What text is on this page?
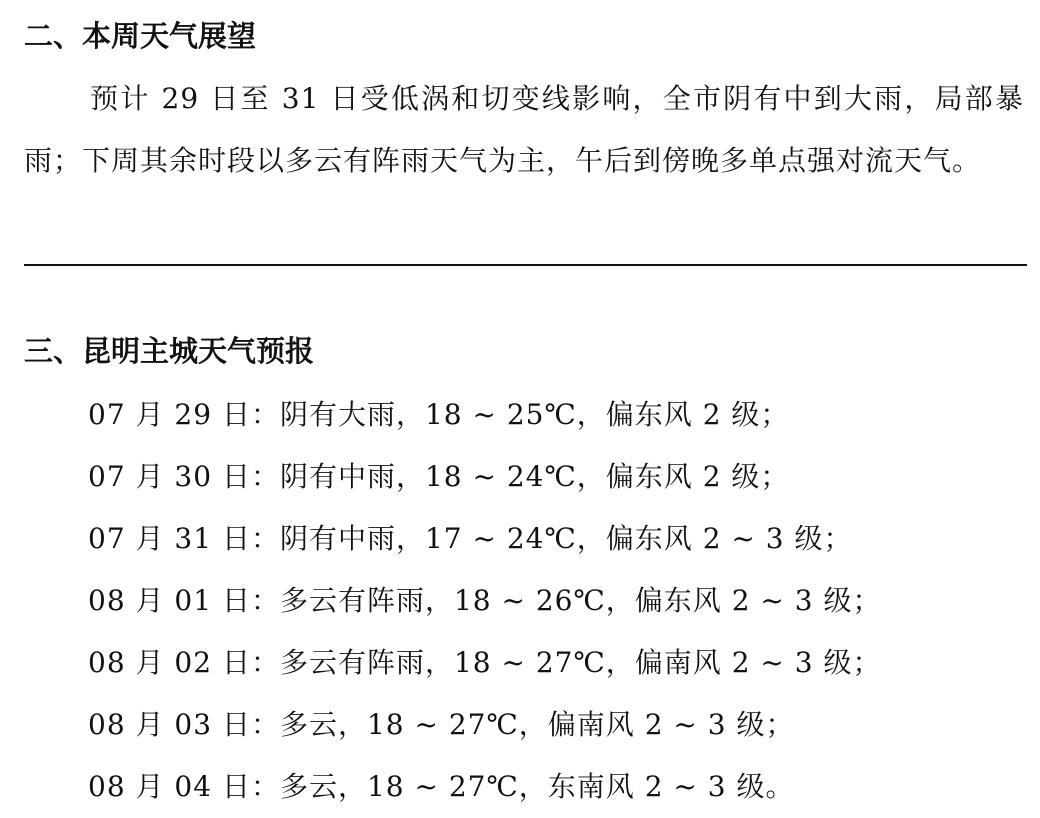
二、本周天气展望

预计 29 日至 31 日受低涡和切变线影响，全市阴有中到大雨，局部暴雨；下周其余时段以多云有阵雨天气为主，午后到傍晚多单点强对流天气。

三、昆明主城天气预报
07 月 29 日：阴有大雨，18 ~ 25℃，偏东风 2 级；
07 月 30 日：阴有中雨，18 ~ 24℃，偏东风 2 级；
07 月 31 日：阴有中雨，17 ~ 24℃，偏东风 2 ~ 3 级；
08 月 01 日：多云有阵雨，18 ~ 26℃，偏东风 2 ~ 3 级；
08 月 02 日：多云有阵雨，18 ~ 27℃，偏南风 2 ~ 3 级；
08 月 03 日：多云，18 ~ 27℃，偏南风 2 ~ 3 级；
08 月 04 日：多云，18 ~ 27℃，东南风 2 ~ 3 级。
